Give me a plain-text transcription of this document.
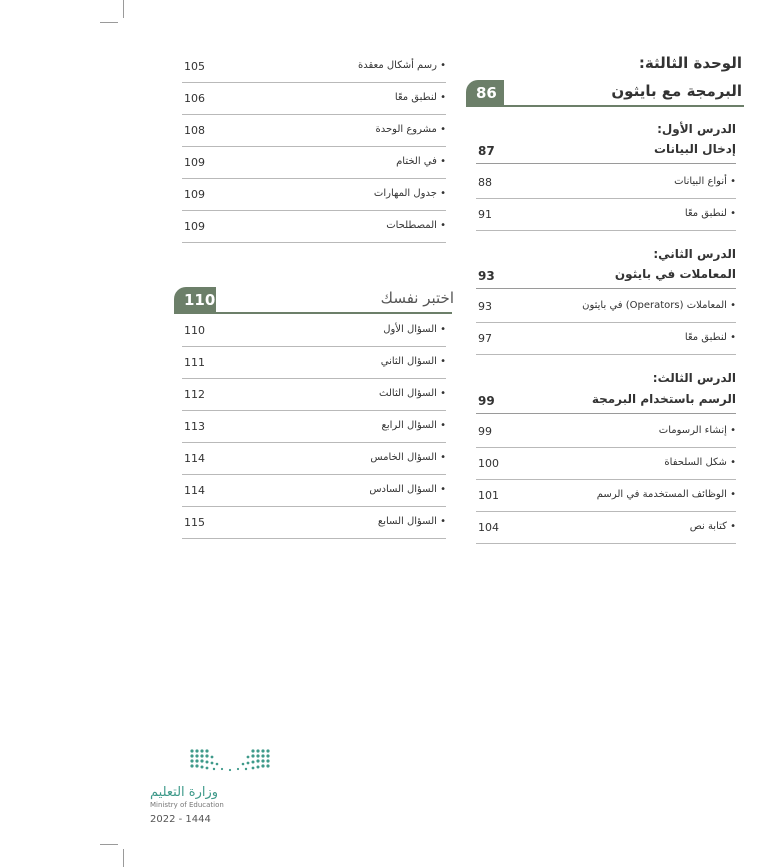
• رسم أشكال معقدة
105
• لنطبق معًا
106
• مشروع الوحدة
108
• في الختام
109
• جدول المهارات
109
• المصطلحات
109
110	اختبر نفسك
• السؤال الأول
110
• السؤال الثاني
111
• السؤال الثالث
112
• السؤال الرابع
113
• السؤال الخامس
114
• السؤال السادس
114
• السؤال السابع
115
الوحدة الثالثة:
البرمجة مع بايثون
86
الدرس الأول:
إدخال البيانات
87
• أنواع البيانات
88
• لنطبق معًا
91
الدرس الثاني:
المعاملات في بايثون
93
• المعاملات (Operators) في بايثون
93
• لنطبق معًا
97
الدرس الثالث:
الرسم باستخدام البرمجة
99
• إنشاء الرسومات
99
• شكل السلحفاة
100
• الوظائف المستخدمة في الرسم
101
• كتابة نص
104
وزارة التعليم
Ministry of Education
2022 - 1444
